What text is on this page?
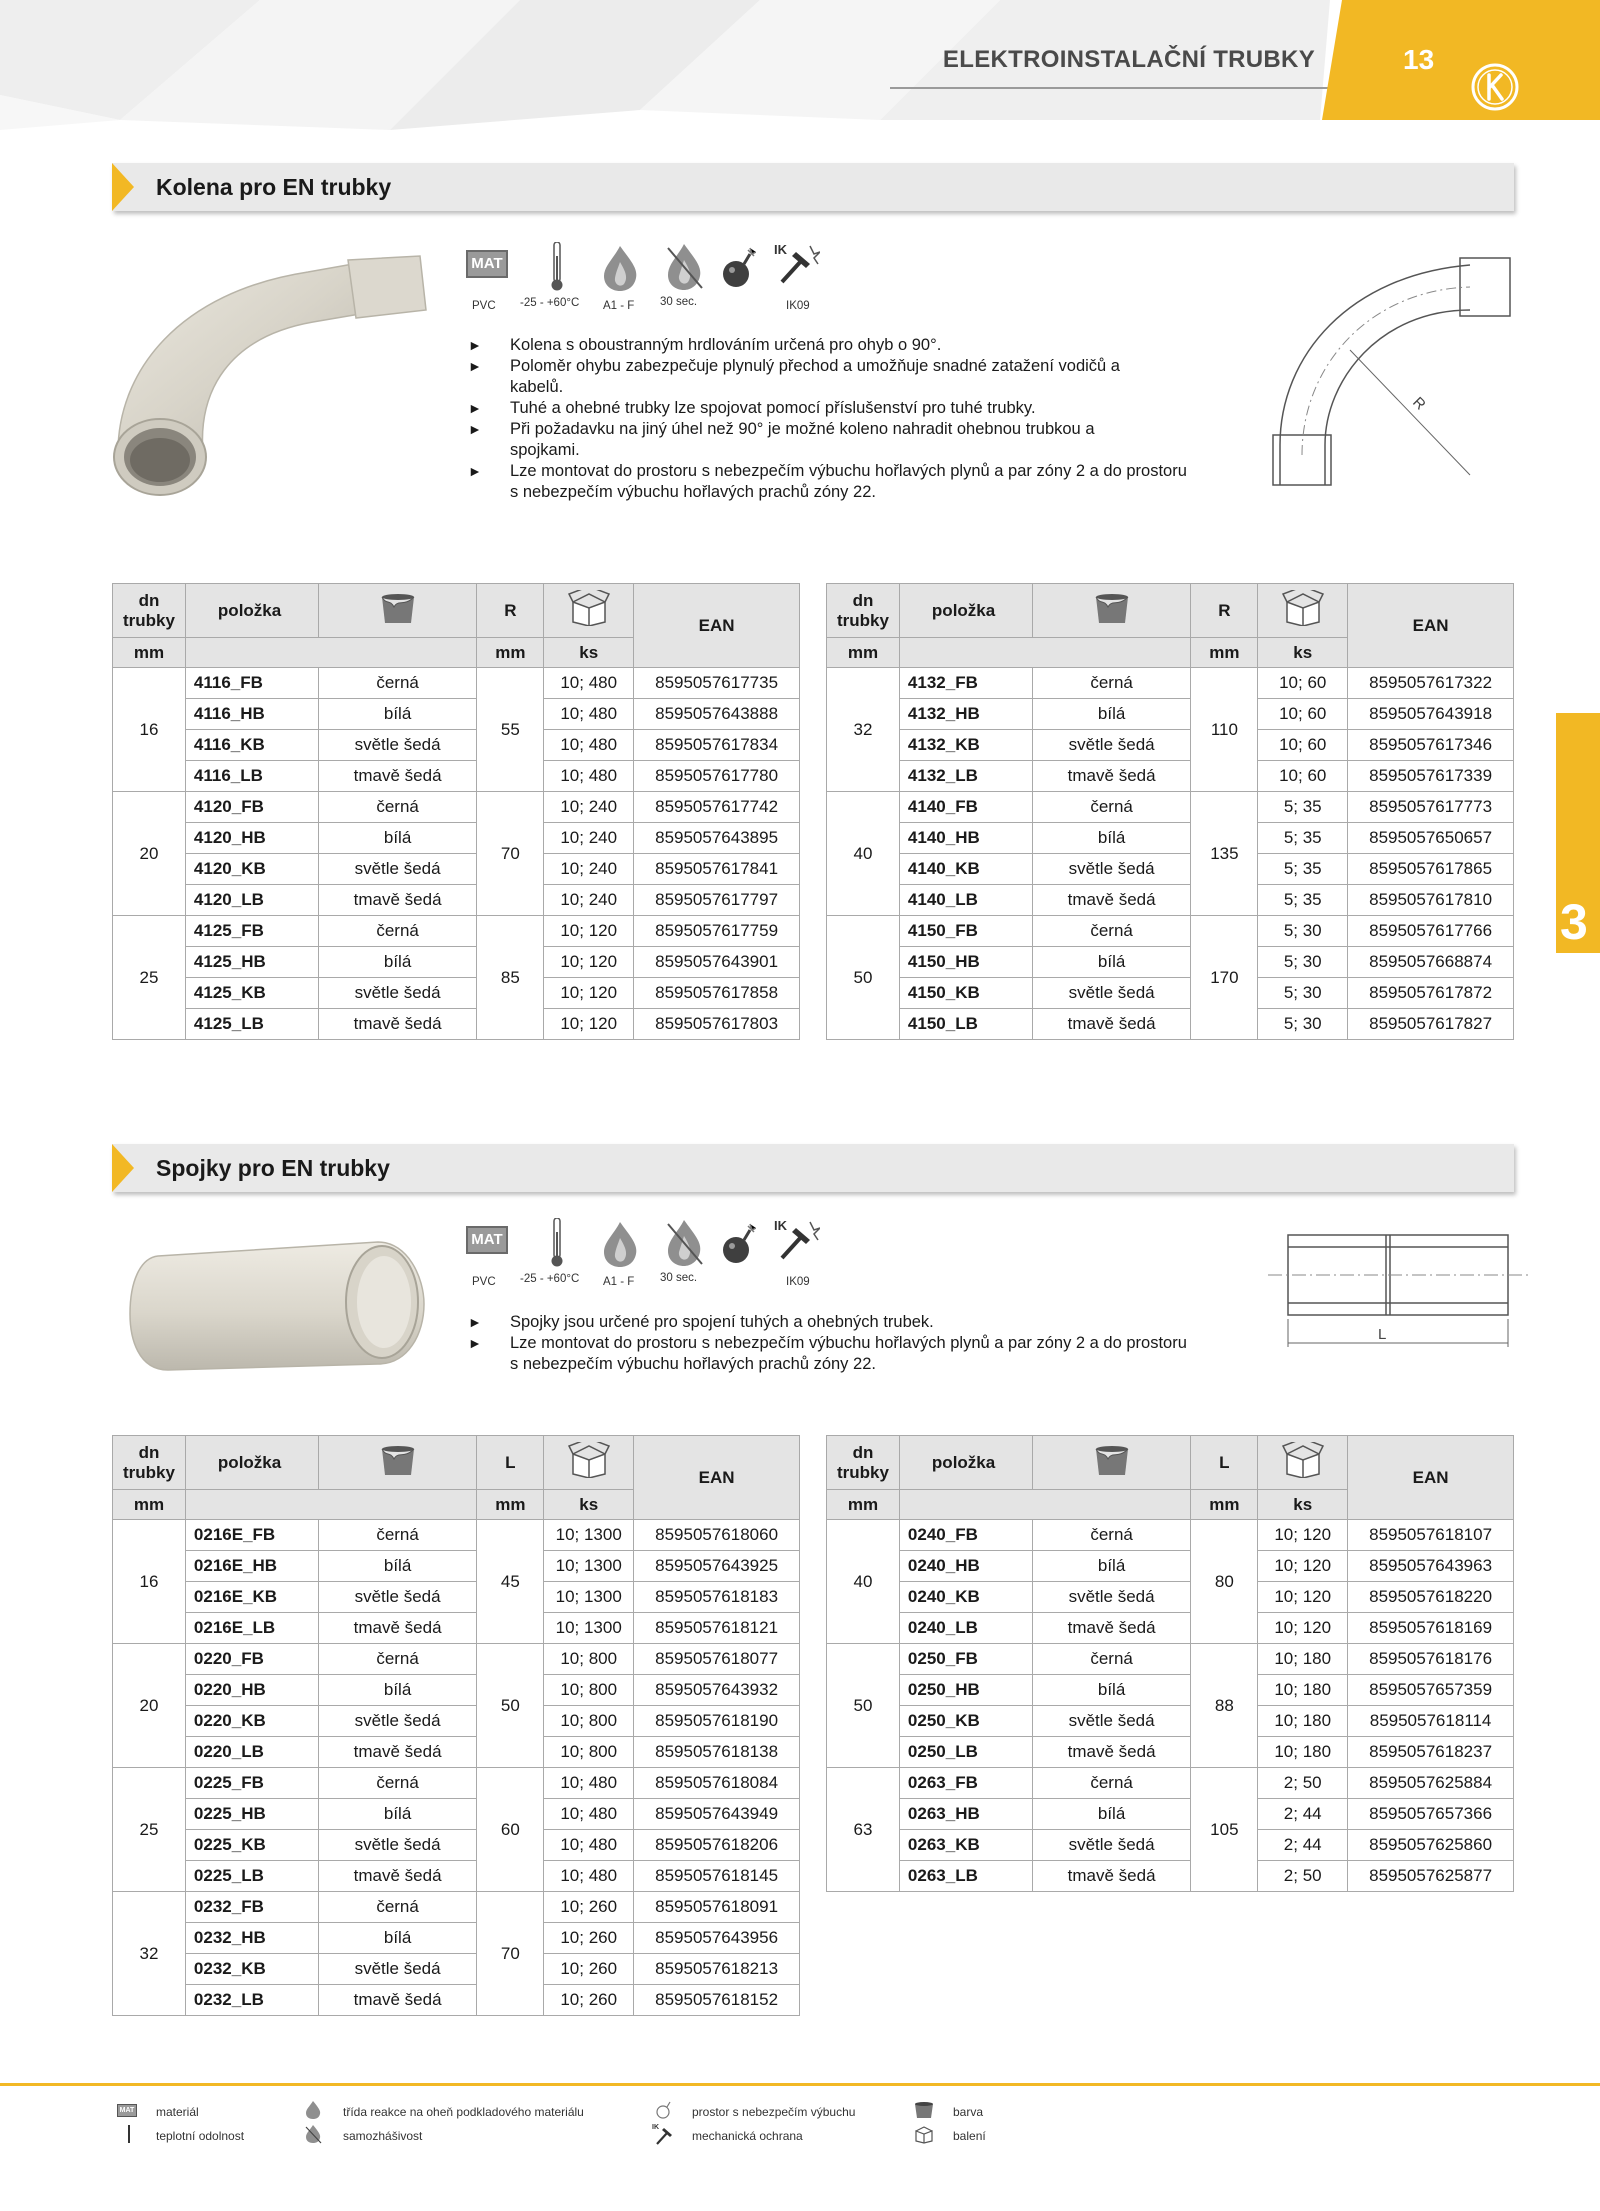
ELEKTROINSTALAČNÍ TRUBKY	13
3
Kolena pro EN trubky
MAT
PVC -25 - +60°C A1 - F 30 sec.
IK
IK09
► Kolena s oboustranným hrdlováním určená pro ohyb o 90°.
► Poloměr ohybu zabezpečuje plynulý přechod a umožňuje snadné zatažení vodičů a kabelů.
► Tuhé a ohebné trubky lze spojovat pomocí příslušenství pro tuhé trubky.
► Při požadavku na jiný úhel než 90° je možné koleno nahradit ohebnou trubkou a spojkami.
► Lze montovat do prostoru s nebezpečím výbuchu hořlavých plynů a par zóny 2 a do prostoru s nebezpečím výbuchu hořlavých prachů zóny 22.
R
dn trubky	položka		R		EAN
mm			mm	ks	
16	4116_FB	černá	55	10; 480	8595057617735
	4116_HB	bílá		10; 480	8595057643888
	4116_KB	světle šedá		10; 480	8595057617834
	4116_LB	tmavě šedá		10; 480	8595057617780
20	4120_FB	černá	70	10; 240	8595057617742
	4120_HB	bílá		10; 240	8595057643895
	4120_KB	světle šedá		10; 240	8595057617841
	4120_LB	tmavě šedá		10; 240	8595057617797
25	4125_FB	černá	85	10; 120	8595057617759
	4125_HB	bílá		10; 120	8595057643901
	4125_KB	světle šedá		10; 120	8595057617858
	4125_LB	tmavě šedá		10; 120	8595057617803
dn trubky	položka		R		EAN
mm			mm	ks	
32	4132_FB	černá	110	10; 60	8595057617322
	4132_HB	bílá		10; 60	8595057643918
	4132_KB	světle šedá		10; 60	8595057617346
	4132_LB	tmavě šedá		10; 60	8595057617339
40	4140_FB	černá	135	5; 35	8595057617773
	4140_HB	bílá		5; 35	8595057650657
	4140_KB	světle šedá		5; 35	8595057617865
	4140_LB	tmavě šedá		5; 35	8595057617810
50	4150_FB	černá	170	5; 30	8595057617766
	4150_HB	bílá		5; 30	8595057668874
	4150_KB	světle šedá		5; 30	8595057617872
	4150_LB	tmavě šedá		5; 30	8595057617827
Spojky pro EN trubky
MAT
PVC -25 - +60°C A1 - F 30 sec.
IK
IK09
► Spojky jsou určené pro spojení tuhých a ohebných trubek.
► Lze montovat do prostoru s nebezpečím výbuchu hořlavých plynů a par zóny 2 a do prostoru s nebezpečím výbuchu hořlavých prachů zóny 22.
L
dn trubky	položka		L		EAN
mm			mm	ks	
16	0216E_FB	černá	45	10; 1300	8595057618060
	0216E_HB	bílá		10; 1300	8595057643925
	0216E_KB	světle šedá		10; 1300	8595057618183
	0216E_LB	tmavě šedá		10; 1300	8595057618121
20	0220_FB	černá	50	10; 800	8595057618077
	0220_HB	bílá		10; 800	8595057643932
	0220_KB	světle šedá		10; 800	8595057618190
	0220_LB	tmavě šedá		10; 800	8595057618138
25	0225_FB	černá	60	10; 480	8595057618084
	0225_HB	bílá		10; 480	8595057643949
	0225_KB	světle šedá		10; 480	8595057618206
	0225_LB	tmavě šedá		10; 480	8595057618145
32	0232_FB	černá	70	10; 260	8595057618091
	0232_HB	bílá		10; 260	8595057643956
	0232_KB	světle šedá		10; 260	8595057618213
	0232_LB	tmavě šedá		10; 260	8595057618152
dn trubky	položka		L		EAN
mm			mm	ks	
40	0240_FB	černá	80	10; 120	8595057618107
	0240_HB	bílá		10; 120	8595057643963
	0240_KB	světle šedá		10; 120	8595057618220
	0240_LB	tmavě šedá		10; 120	8595057618169
50	0250_FB	černá	88	10; 180	8595057618176
	0250_HB	bílá		10; 180	8595057657359
	0250_KB	světle šedá		10; 180	8595057618114
	0250_LB	tmavě šedá		10; 180	8595057618237
63	0263_FB	černá	105	2; 50	8595057625884
	0263_HB	bílá		2; 44	8595057657366
	0263_KB	světle šedá		2; 44	8595057625860
	0263_LB	tmavě šedá		2; 50	8595057625877
MAT materiál
teplotní odolnost
třída reakce na oheň podkladového materiálu
samozhášivost
prostor s nebezpečím výbuchu
IK
mechanická ochrana
barva
balení
